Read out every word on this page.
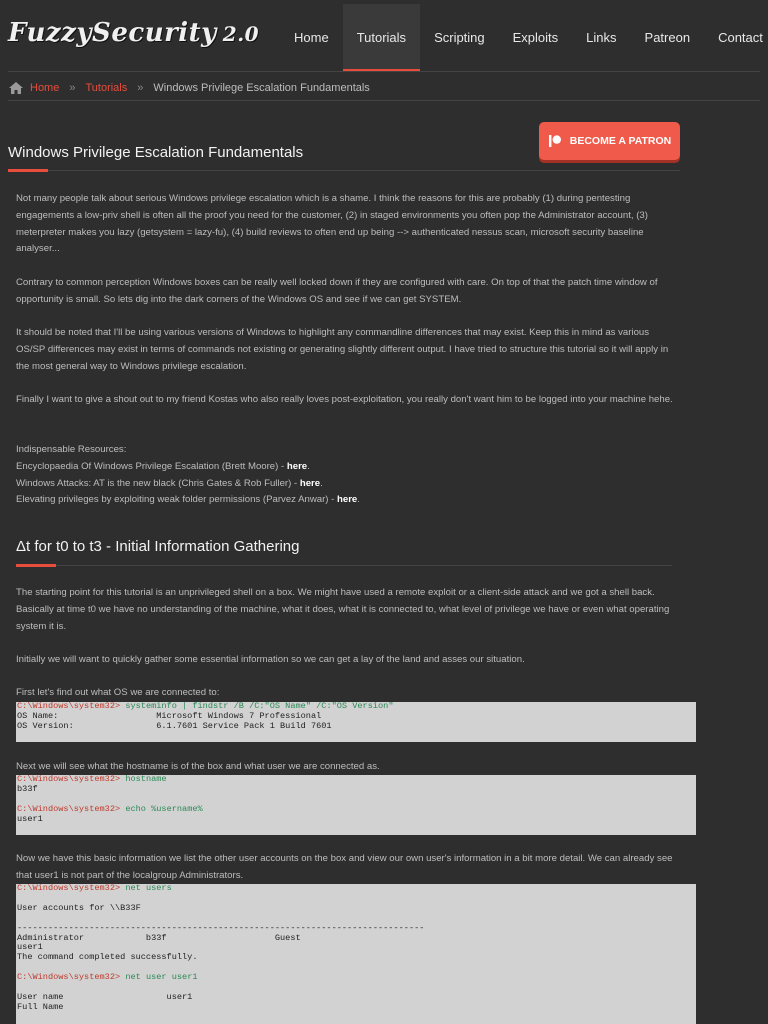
FuzzySecurity 2.0	Home	Tutorials	Scripting	Exploits	Links	Patreon	Contact
Home » Tutorials » Windows Privilege Escalation Fundamentals
BECOME A PATRON
Windows Privilege Escalation Fundamentals
Not many people talk about serious Windows privilege escalation which is a shame. I think the reasons for this are probably (1) during pentesting engagements a low-priv shell is often all the proof you need for the customer, (2) in staged environments you often pop the Administrator account, (3) meterpreter makes you lazy (getsystem = lazy-fu), (4) build reviews to often end up being --> authenticated nessus scan, microsoft security baseline analyser...
Contrary to common perception Windows boxes can be really well locked down if they are configured with care. On top of that the patch time window of opportunity is small. So lets dig into the dark corners of the Windows OS and see if we can get SYSTEM.
It should be noted that I'll be using various versions of Windows to highlight any commandline differences that may exist. Keep this in mind as various OS/SP differences may exist in terms of commands not existing or generating slightly different output. I have tried to structure this tutorial so it will apply in the most general way to Windows privilege escalation.
Finally I want to give a shout out to my friend Kostas who also really loves post-exploitation, you really don't want him to be logged into your machine hehe.
Indispensable Resources:
Encyclopaedia Of Windows Privilege Escalation (Brett Moore) - here.
Windows Attacks: AT is the new black (Chris Gates & Rob Fuller) - here.
Elevating privileges by exploiting weak folder permissions (Parvez Anwar) - here.
Δt for t0 to t3 - Initial Information Gathering
The starting point for this tutorial is an unprivileged shell on a box. We might have used a remote exploit or a client-side attack and we got a shell back. Basically at time t0 we have no understanding of the machine, what it does, what it is connected to, what level of privilege we have or even what operating system it is.
Initially we will want to quickly gather some essential information so we can get a lay of the land and asses our situation.
First let's find out what OS we are connected to:
C:\Windows\system32> systeminfo | findstr /B /C:"OS Name" /C:"OS Version"
OS Name:                   Microsoft Windows 7 Professional
OS Version:                6.1.7601 Service Pack 1 Build 7601
Next we will see what the hostname is of the box and what user we are connected as.
C:\Windows\system32> hostname
b33f

C:\Windows\system32> echo %username%
user1
Now we have this basic information we list the other user accounts on the box and view our own user's information in a bit more detail. We can already see that user1 is not part of the localgroup Administrators.
C:\Windows\system32> net users

User accounts for \\B33F

-------------------------------------------------------------------------------
Administrator            b33f                     Guest
user1
The command completed successfully.

C:\Windows\system32> net user user1

User name                    user1
Full Name
